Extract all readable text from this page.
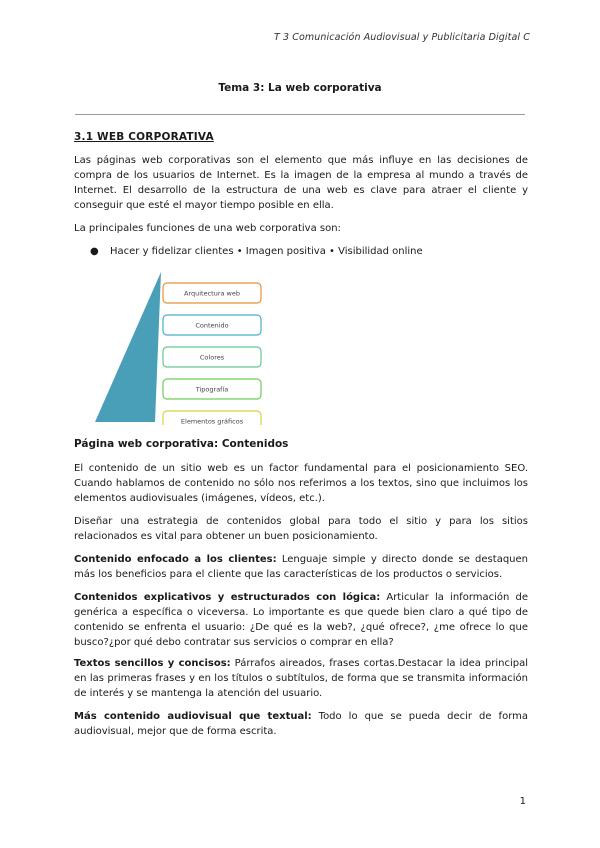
T 3 Comunicación Audiovisual y Publicitaria Digital C
Tema 3: La web corporativa
3.1 WEB CORPORATIVA
Las páginas web corporativas son el elemento que más influye en las decisiones de compra de los usuarios de Internet. Es la imagen de la empresa al mundo a través de Internet. El desarrollo de la estructura de una web es clave para atraer el cliente y conseguir que esté el mayor tiempo posible en ella.
La principales funciones de una web corporativa son:
● Hacer y fidelizar clientes • Imagen positiva • Visibilidad online
Arquitectura web
Contenido
Colores
Tipografía
Elementos gráficos
Página web corporativa: Contenidos
El contenido de un sitio web es un factor fundamental para el posicionamiento SEO. Cuando hablamos de contenido no sólo nos referimos a los textos, sino que incluimos los elementos audiovisuales (imágenes, vídeos, etc.).
Diseñar una estrategia de contenidos global para todo el sitio y para los sitios relacionados es vital para obtener un buen posicionamiento.
Contenido enfocado a los clientes: Lenguaje simple y directo donde se destaquen más los beneficios para el cliente que las características de los productos o servicios.
Contenidos explicativos y estructurados con lógica: Articular la información de genérica a específica o viceversa. Lo importante es que quede bien claro a qué tipo de contenido se enfrenta el usuario: ¿De qué es la web?, ¿qué ofrece?, ¿me ofrece lo que busco?¿por qué debo contratar sus servicios o comprar en ella?
Textos sencillos y concisos: Párrafos aireados, frases cortas.Destacar la idea principal en las primeras frases y en los títulos o subtítulos, de forma que se transmita información de interés y se mantenga la atención del usuario.
Más contenido audiovisual que textual: Todo lo que se pueda decir de forma audiovisual, mejor que de forma escrita.
1
